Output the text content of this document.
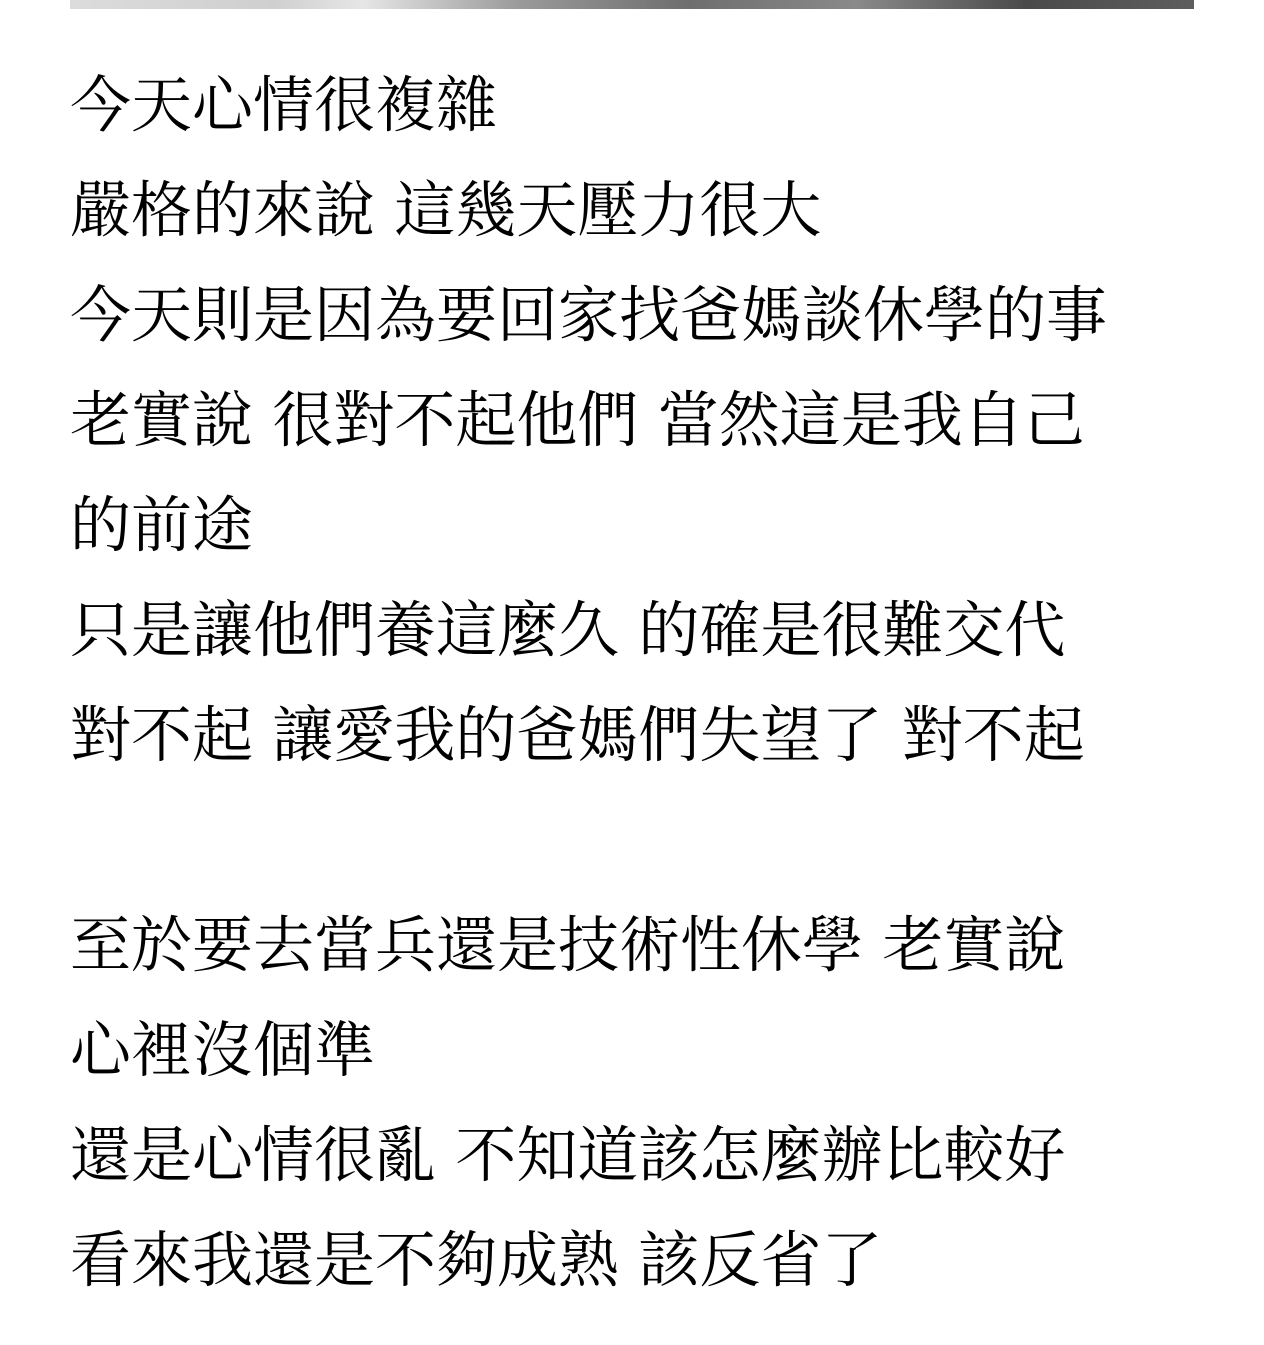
今天心情很複雜
嚴格的來說 這幾天壓力很大
今天則是因為要回家找爸媽談休學的事
老實說 很對不起他們 當然這是我自己
的前途
只是讓他們養這麼久 的確是很難交代
對不起 讓愛我的爸媽們失望了 對不起
至於要去當兵還是技術性休學 老實說
心裡沒個準
還是心情很亂 不知道該怎麼辦比較好
看來我還是不夠成熟 該反省了
